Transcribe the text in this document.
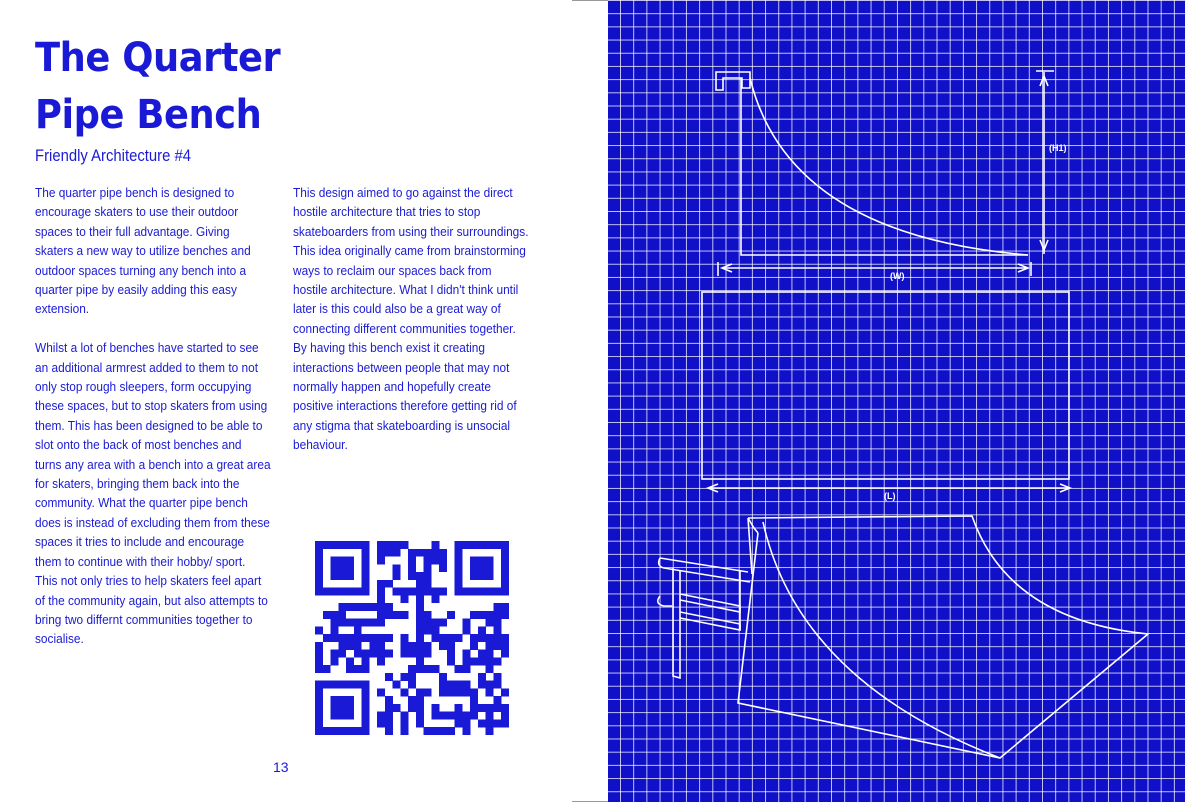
The Quarter Pipe Bench
Friendly Architecture #4

The quarter pipe bench is designed to encourage skaters to use their outdoor spaces to their full advantage. Giving skaters a new way to utilize benches and outdoor spaces turning any bench into a quarter pipe by easily adding this easy extension.

Whilst a lot of benches have started to see an additional armrest added to them to not only stop rough sleepers, form occupying these spaces, but to stop skaters from using them. This has been designed to be able to slot onto the back of most benches and turns any area with a bench into a great area for skaters, bringing them back into the community. What the quarter pipe bench does is instead of excluding them from these spaces it tries to include and encourage them to continue with their hobby/ sport. This not only tries to help skaters feel apart of the community again, but also attempts to bring two differnt communities together to socialise.

This design aimed to go against the direct hostile architecture that tries to stop skateboarders from using their surroundings. This idea originally came from brainstorming ways to reclaim our spaces back from hostile architecture. What I didn't think until later is this could also be a great way of connecting different communities together. By having this bench exist it creating interactions between people that may not normally happen and hopefully create positive interactions therefore getting rid of any stigma that skateboarding is unsocial behaviour.

13
(H1)
(W)
(L)
